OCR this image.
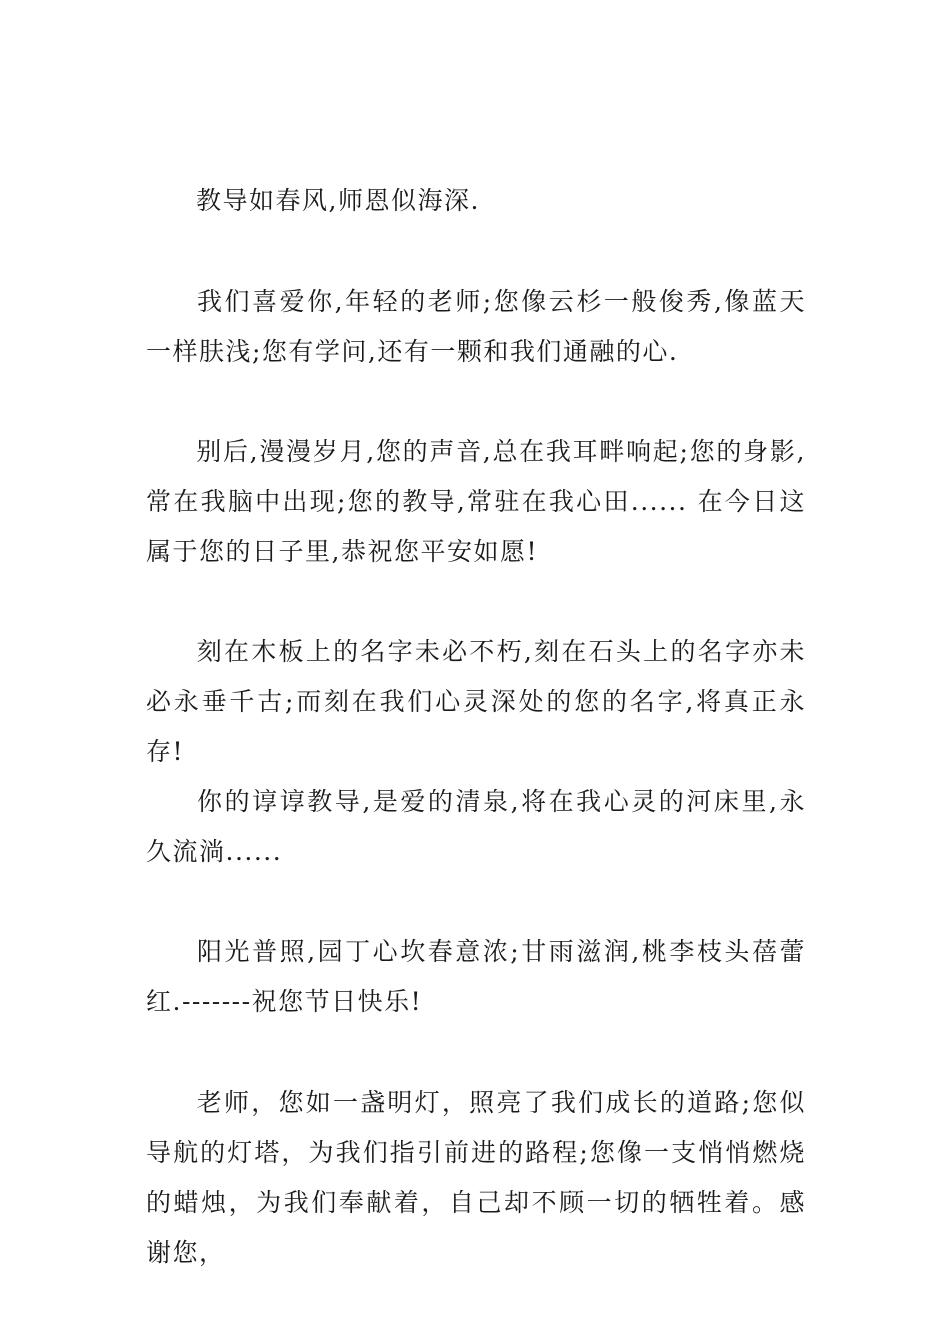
教导如春风,师恩似海深.
我们喜爱你,年轻的老师;您像云杉一般俊秀,像蓝天一样肤浅;您有学问,还有一颗和我们通融的心.
别后,漫漫岁月,您的声音,总在我耳畔响起;您的身影,常在我脑中出现;您的教导,常驻在我心田...... 在今日这属于您的日子里,恭祝您平安如愿!
刻在木板上的名字未必不朽,刻在石头上的名字亦未必永垂千古;而刻在我们心灵深处的您的名字,将真正永存!
你的谆谆教导,是爱的清泉,将在我心灵的河床里,永久流淌......
阳光普照,园丁心坎春意浓;甘雨滋润,桃李枝头蓓蕾红.-------祝您节日快乐!
老师，您如一盏明灯，照亮了我们成长的道路;您似导航的灯塔，为我们指引前进的路程;您像一支悄悄燃烧的蜡烛，为我们奉献着，自己却不顾一切的牺牲着。感谢您，
